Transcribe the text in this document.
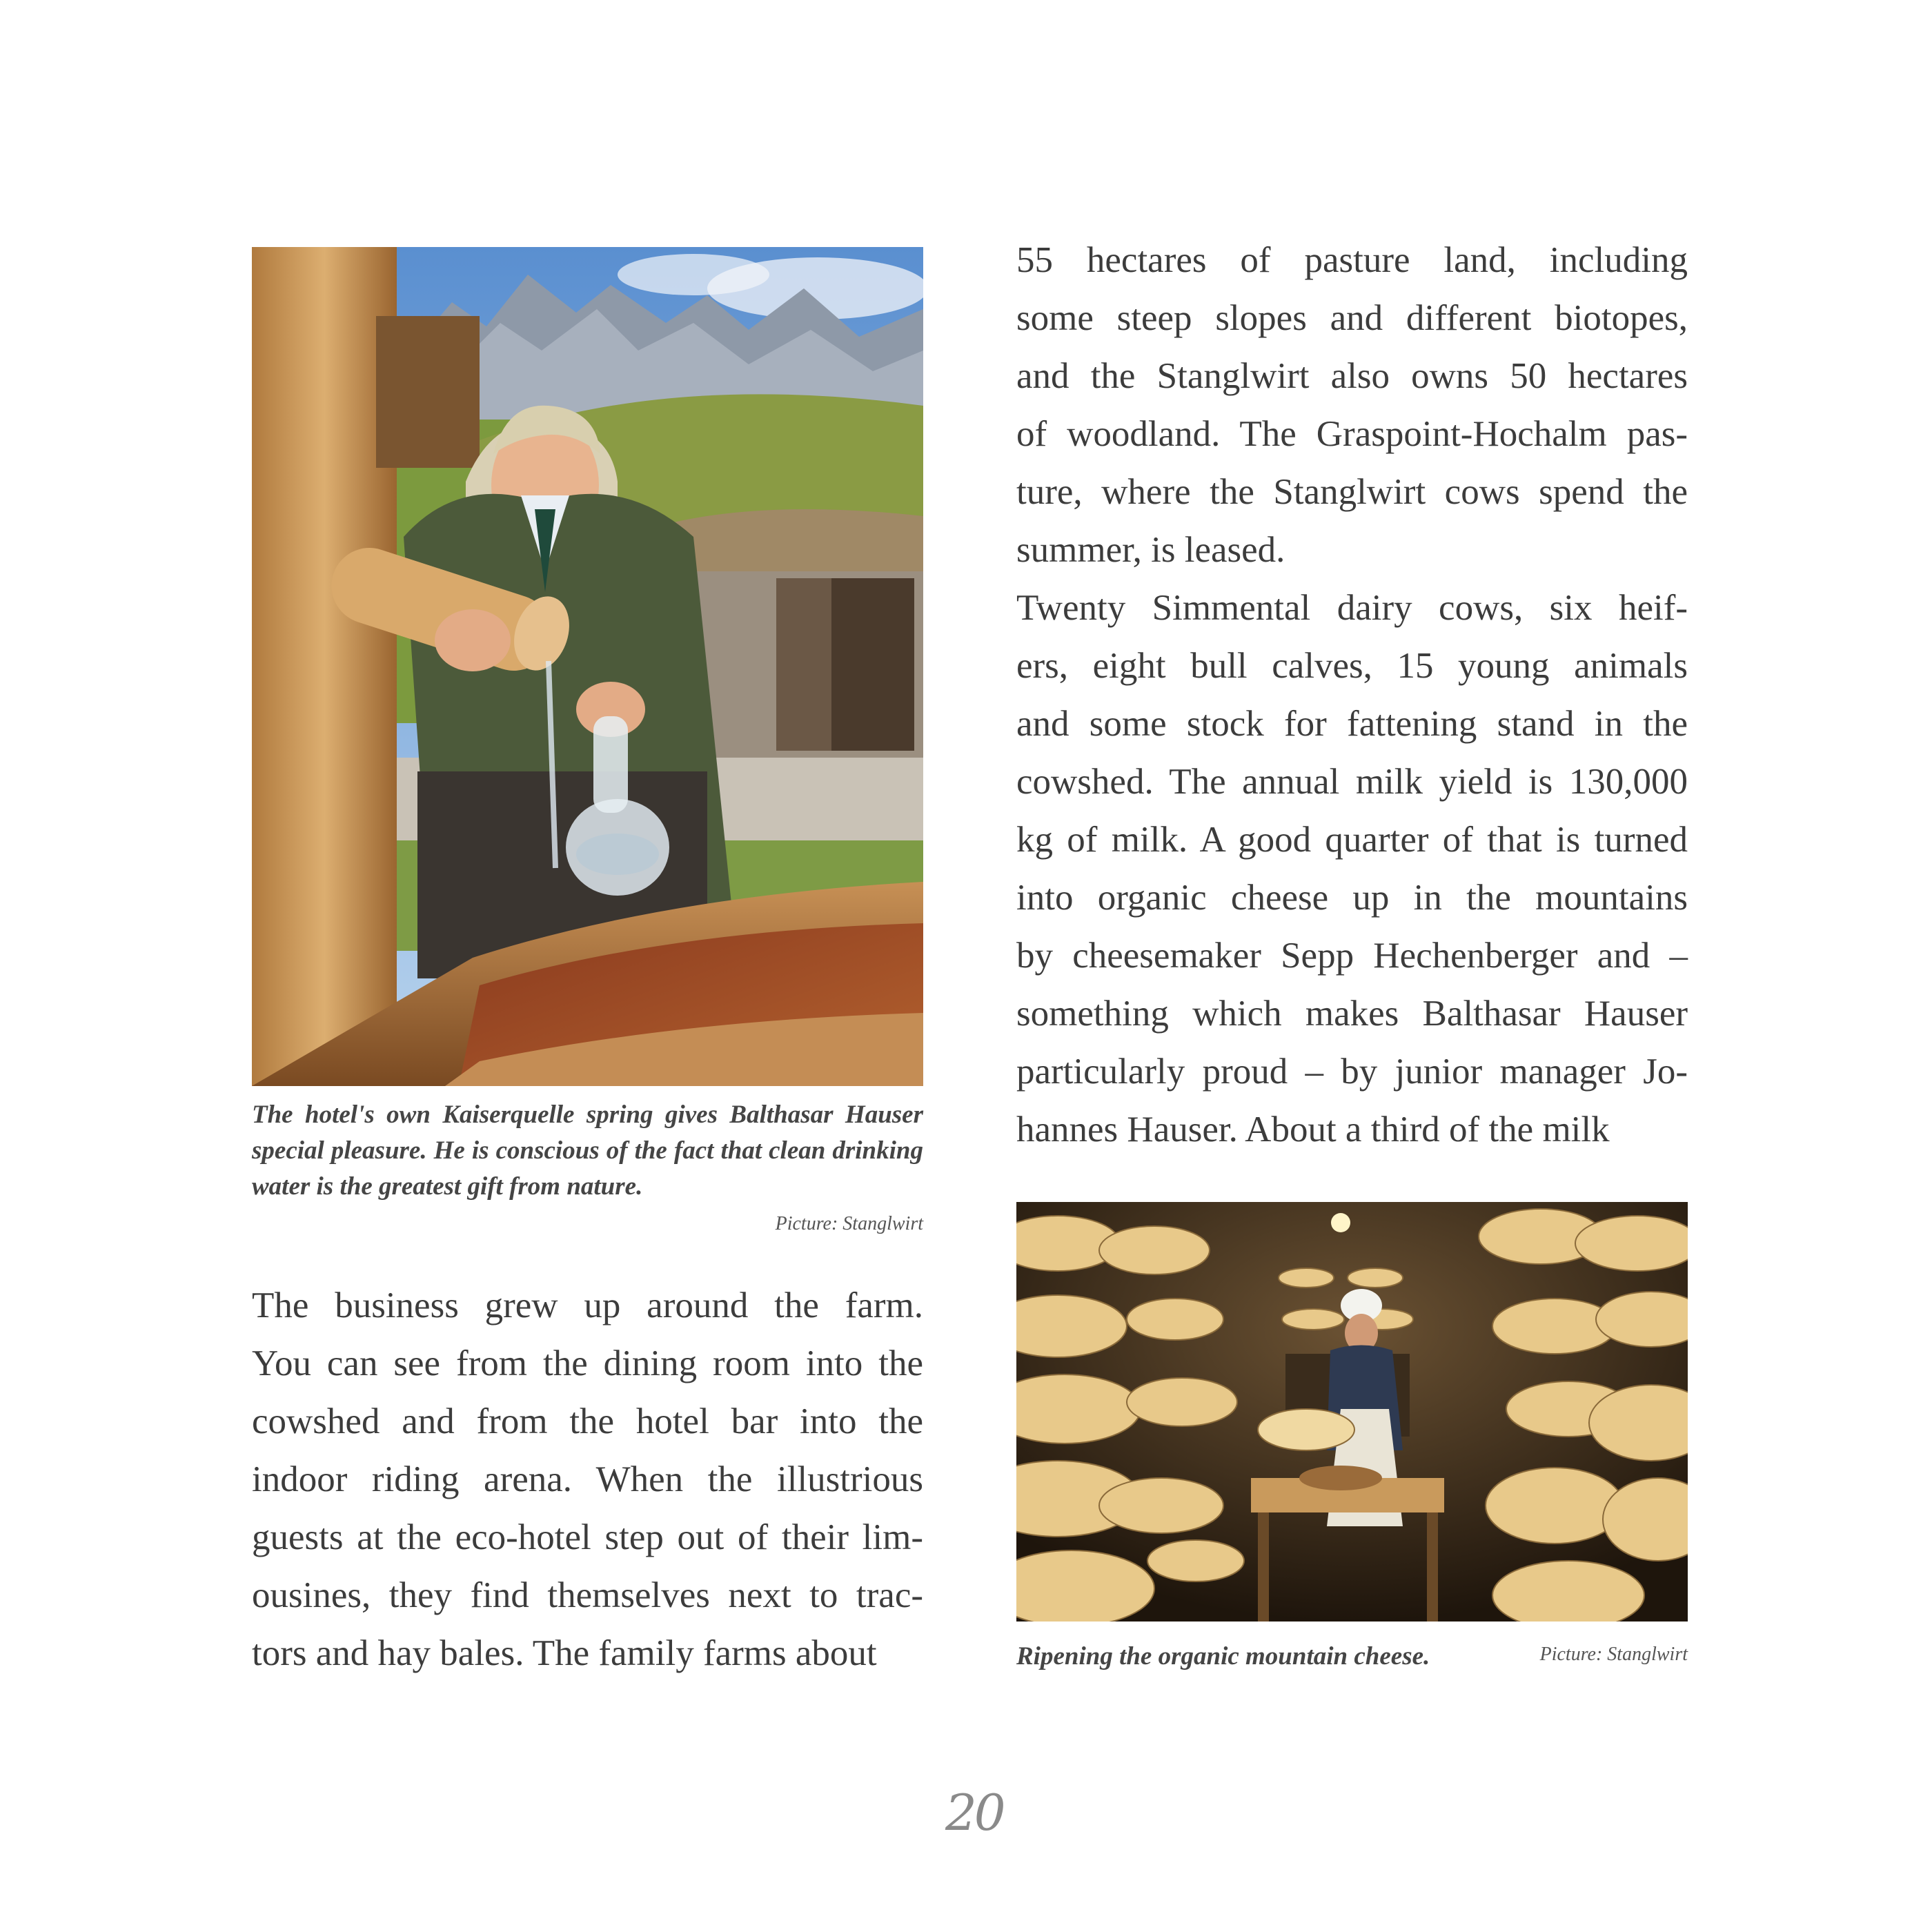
The hotel's own Kaiserquelle spring gives Balthasar Hauser special pleasure. He is conscious of the fact that clean drinking water is the greatest gift from nature.
Picture: Stanglwirt
55 hectares of pasture land, including
some steep slopes and different biotopes,
and the Stanglwirt also owns 50 hectares
of woodland. The Graspoint-Hochalm pas-
ture, where the Stanglwirt cows spend the
summer, is leased.
Twenty Simmental dairy cows, six heif-
ers, eight bull calves, 15 young animals
and some stock for fattening stand in the
cowshed. The annual milk yield is 130,000
kg of milk. A good quarter of that is turned
into organic cheese up in the mountains
by cheesemaker Sepp Hechenberger and –
something which makes Balthasar Hauser
particularly proud – by junior manager Jo-
hannes Hauser. About a third of the milk
The business grew up around the farm.
You can see from the dining room into the
cowshed and from the hotel bar into the
indoor riding arena. When the illustrious
guests at the eco-hotel step out of their lim-
ousines, they find themselves next to trac-
tors and hay bales. The family farms about	Ripening the organic mountain cheese.	Picture: Stanglwirt
20
